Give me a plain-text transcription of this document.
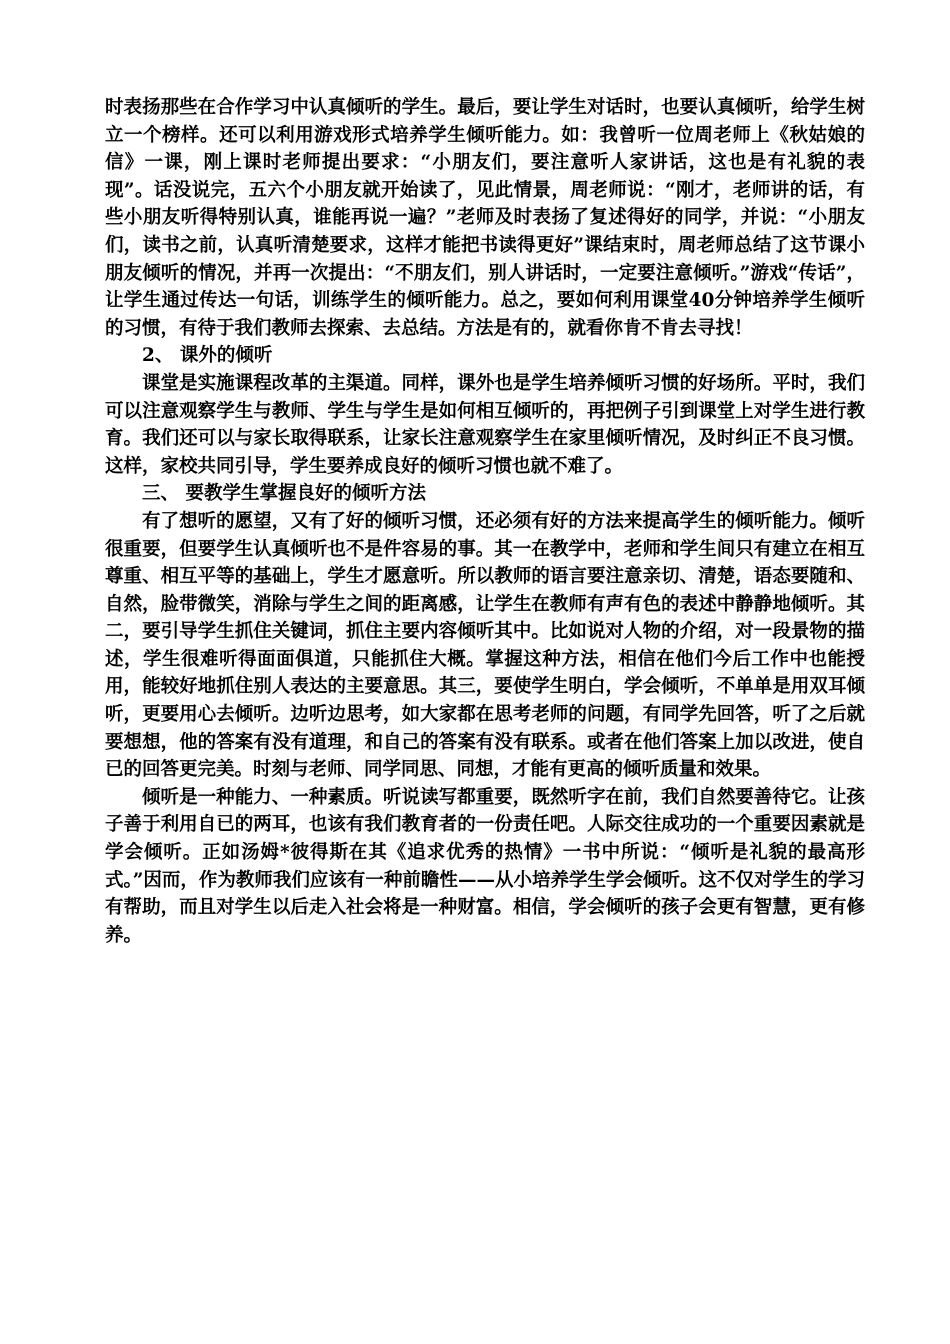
时表扬那些在合作学习中认真倾听的学生。最后，要让学生对话时，也要认真倾听，给学生树立一个榜样。还可以利用游戏形式培养学生倾听能力。如：我曾听一位周老师上《秋姑娘的信》一课，刚上课时老师提出要求：“小朋友们，要注意听人家讲话，这也是有礼貌的表现”。话没说完，五六个小朋友就开始读了，见此情景，周老师说：“刚才，老师讲的话，有些小朋友听得特别认真，谁能再说一遍？”老师及时表扬了复述得好的同学，并说：“小朋友们，读书之前，认真听清楚要求，这样才能把书读得更好”课结束时，周老师总结了这节课小朋友倾听的情况，并再一次提出：“不朋友们，别人讲话时，一定要注意倾听。”游戏“传话”，让学生通过传达一句话，训练学生的倾听能力。总之，要如何利用课堂40分钟培养学生倾听的习惯，有待于我们教师去探索、去总结。方法是有的，就看你肯不肯去寻找！

2、 课外的倾听

课堂是实施课程改革的主渠道。同样，课外也是学生培养倾听习惯的好场所。平时，我们可以注意观察学生与教师、学生与学生是如何相互倾听的，再把例子引到课堂上对学生进行教育。我们还可以与家长取得联系，让家长注意观察学生在家里倾听情况，及时纠正不良习惯。这样，家校共同引导，学生要养成良好的倾听习惯也就不难了。

三、 要教学生掌握良好的倾听方法

有了想听的愿望，又有了好的倾听习惯，还必须有好的方法来提高学生的倾听能力。倾听很重要，但要学生认真倾听也不是件容易的事。其一在教学中，老师和学生间只有建立在相互尊重、相互平等的基础上，学生才愿意听。所以教师的语言要注意亲切、清楚，语态要随和、自然，脸带微笑，消除与学生之间的距离感，让学生在教师有声有色的表述中静静地倾听。其二，要引导学生抓住关键词，抓住主要内容倾听其中。比如说对人物的介绍，对一段景物的描述，学生很难听得面面俱道，只能抓住大概。掌握这种方法，相信在他们今后工作中也能授用，能较好地抓住别人表达的主要意思。其三，要使学生明白，学会倾听，不单单是用双耳倾听，更要用心去倾听。边听边思考，如大家都在思考老师的问题，有同学先回答，听了之后就要想想，他的答案有没有道理，和自己的答案有没有联系。或者在他们答案上加以改进，使自已的回答更完美。时刻与老师、同学同思、同想，才能有更高的倾听质量和效果。

倾听是一种能力、一种素质。听说读写都重要，既然听字在前，我们自然要善待它。让孩子善于利用自已的两耳，也该有我们教育者的一份责任吧。人际交往成功的一个重要因素就是学会倾听。正如汤姆*彼得斯在其《追求优秀的热情》一书中所说：“倾听是礼貌的最高形式。”因而，作为教师我们应该有一种前瞻性——从小培养学生学会倾听。这不仅对学生的学习有帮助，而且对学生以后走入社会将是一种财富。相信，学会倾听的孩子会更有智慧，更有修养。
